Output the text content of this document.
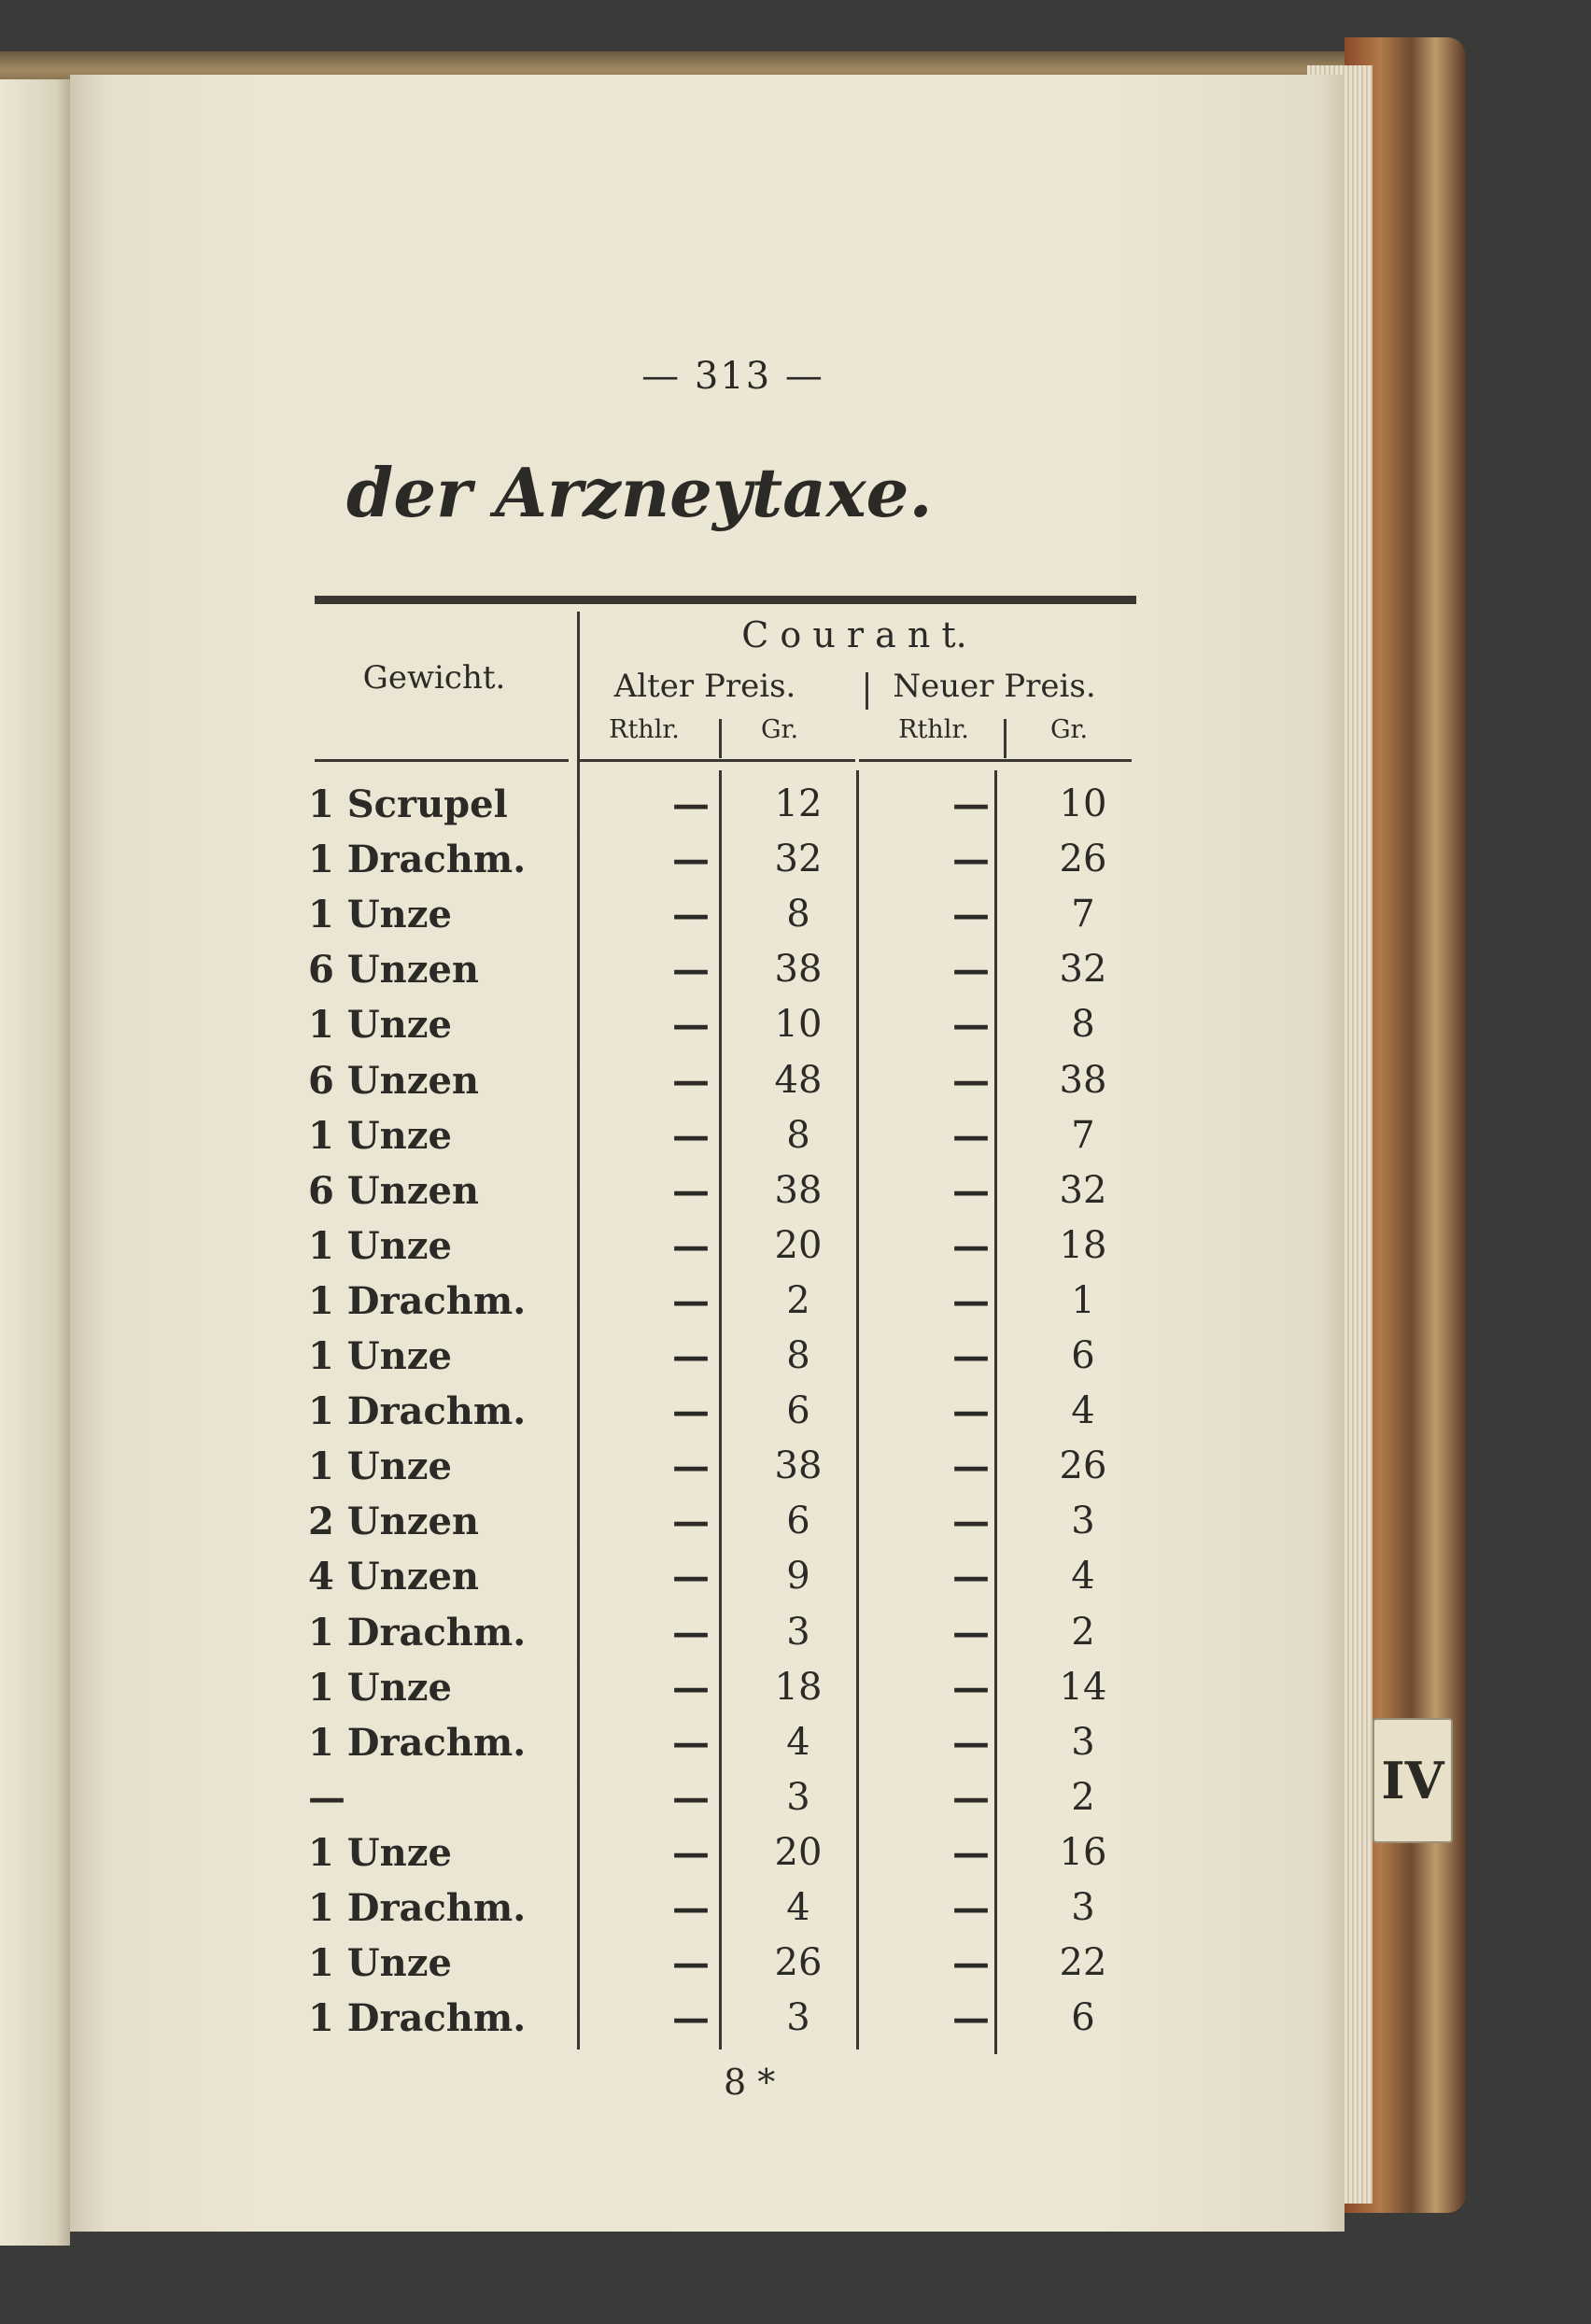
— 313 —
der Arzneytaxe.
Gewicht.
C o u r a n t.
Alter Preis.	Neuer Preis.
Rthlr.	Gr.	Rthlr.	Gr.
1 Scrupel	—	12	—	10
1 Drachm.	—	32	—	26
1 Unze	—	8	—	7
6 Unzen	—	38	—	32
1 Unze	—	10	—	8
6 Unzen	—	48	—	38
1 Unze	—	8	—	7
6 Unzen	—	38	—	32
1 Unze	—	20	—	18
1 Drachm.	—	2	—	1
1 Unze	—	8	—	6
1 Drachm.	—	6	—	4
1 Unze	—	38	—	26
2 Unzen	—	6	—	3
4 Unzen	—	9	—	4
1 Drachm.	—	3	—	2
1 Unze	—	18	—	14
1 Drachm.	—	4	—	3
—	—	3	—	2
1 Unze	—	20	—	16
1 Drachm.	—	4	—	3
1 Unze	—	26	—	22
1 Drachm.	—	3	—	6
8 *
IV
